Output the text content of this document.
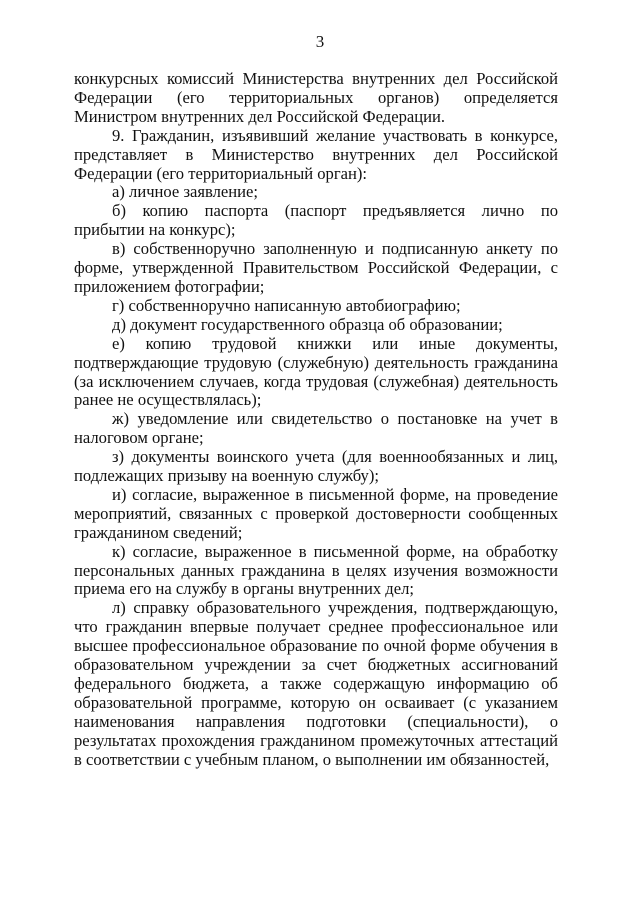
3

конкурсных комиссий Министерства внутренних дел Российской Федерации (его территориальных органов) определяется Министром внутренних дел Российской Федерации.

9. Гражданин, изъявивший желание участвовать в конкурсе, представляет в Министерство внутренних дел Российской Федерации (его территориальный орган):

а) личное заявление;

б) копию паспорта (паспорт предъявляется лично по прибытии на конкурс);

в) собственноручно заполненную и подписанную анкету по форме, утвержденной Правительством Российской Федерации, с приложением фотографии;

г) собственноручно написанную автобиографию;

д) документ государственного образца об образовании;

е) копию трудовой книжки или иные документы, подтверждающие трудовую (служебную) деятельность гражданина (за исключением случаев, когда трудовая (служебная) деятельность ранее не осуществлялась);

ж) уведомление или свидетельство о постановке на учет в налоговом органе;

з) документы воинского учета (для военнообязанных и лиц, подлежащих призыву на военную службу);

и) согласие, выраженное в письменной форме, на проведение мероприятий, связанных с проверкой достоверности сообщенных гражданином сведений;

к) согласие, выраженное в письменной форме, на обработку персональных данных гражданина в целях изучения возможности приема его на службу в органы внутренних дел;

л) справку образовательного учреждения, подтверждающую, что гражданин впервые получает среднее профессиональное или высшее профессиональное образование по очной форме обучения в образовательном учреждении за счет бюджетных ассигнований федерального бюджета, а также содержащую информацию об образовательной программе, которую он осваивает (с указанием наименования направления подготовки (специальности), о результатах прохождения гражданином промежуточных аттестаций в соответствии с учебным планом, о выполнении им обязанностей,
